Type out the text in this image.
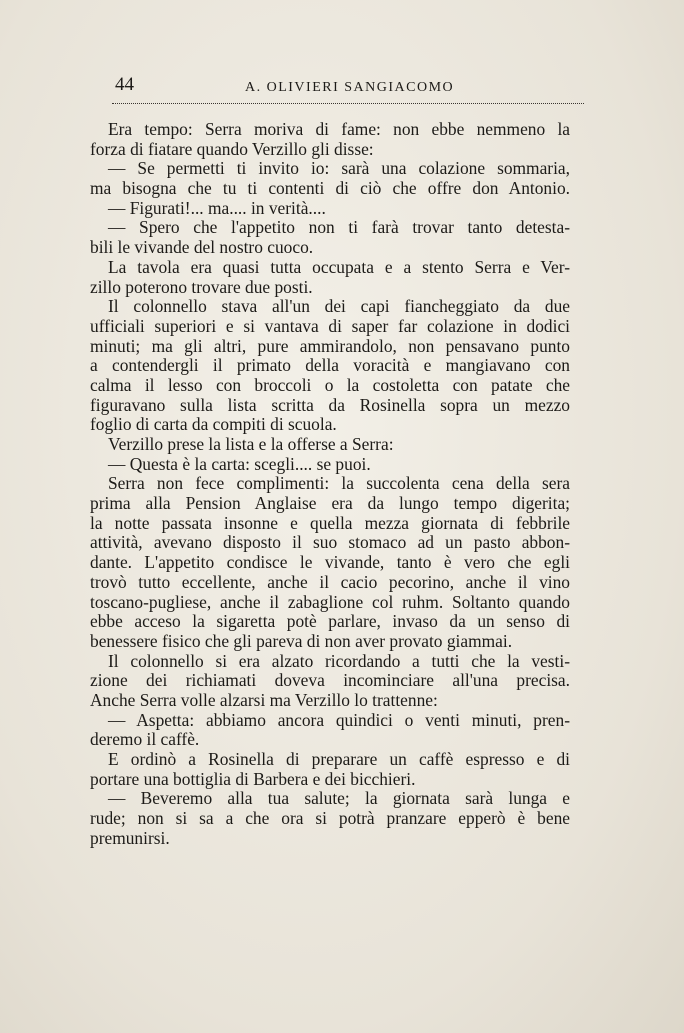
44	A. OLIVIERI SANGIACOMO
Era tempo: Serra moriva di fame: non ebbe nemmeno la
forza di fiatare quando Verzillo gli disse:
— Se permetti ti invito io: sarà una colazione sommaria,
ma bisogna che tu ti contenti di ciò che offre don Antonio.
— Figurati!... ma.... in verità....
— Spero che l'appetito non ti farà trovar tanto detesta-
bili le vivande del nostro cuoco.
La tavola era quasi tutta occupata e a stento Serra e Ver-
zillo poterono trovare due posti.
Il colonnello stava all'un dei capi fiancheggiato da due
ufficiali superiori e si vantava di saper far colazione in dodici
minuti; ma gli altri, pure ammirandolo, non pensavano punto
a contendergli il primato della voracità e mangiavano con
calma il lesso con broccoli o la costoletta con patate che
figuravano sulla lista scritta da Rosinella sopra un mezzo
foglio di carta da compiti di scuola.
Verzillo prese la lista e la offerse a Serra:
— Questa è la carta: scegli.... se puoi.
Serra non fece complimenti: la succolenta cena della sera
prima alla Pension Anglaise era da lungo tempo digerita;
la notte passata insonne e quella mezza giornata di febbrile
attività, avevano disposto il suo stomaco ad un pasto abbon-
dante. L'appetito condisce le vivande, tanto è vero che egli
trovò tutto eccellente, anche il cacio pecorino, anche il vino
toscano-pugliese, anche il zabaglione col ruhm. Soltanto quando
ebbe acceso la sigaretta potè parlare, invaso da un senso di
benessere fisico che gli pareva di non aver provato giammai.
Il colonnello si era alzato ricordando a tutti che la vesti-
zione dei richiamati doveva incominciare all'una precisa.
Anche Serra volle alzarsi ma Verzillo lo trattenne:
— Aspetta: abbiamo ancora quindici o venti minuti, pren-
deremo il caffè.
E ordinò a Rosinella di preparare un caffè espresso e di
portare una bottiglia di Barbera e dei bicchieri.
— Beveremo alla tua salute; la giornata sarà lunga e
rude; non si sa a che ora si potrà pranzare epperò è bene
premunirsi.
